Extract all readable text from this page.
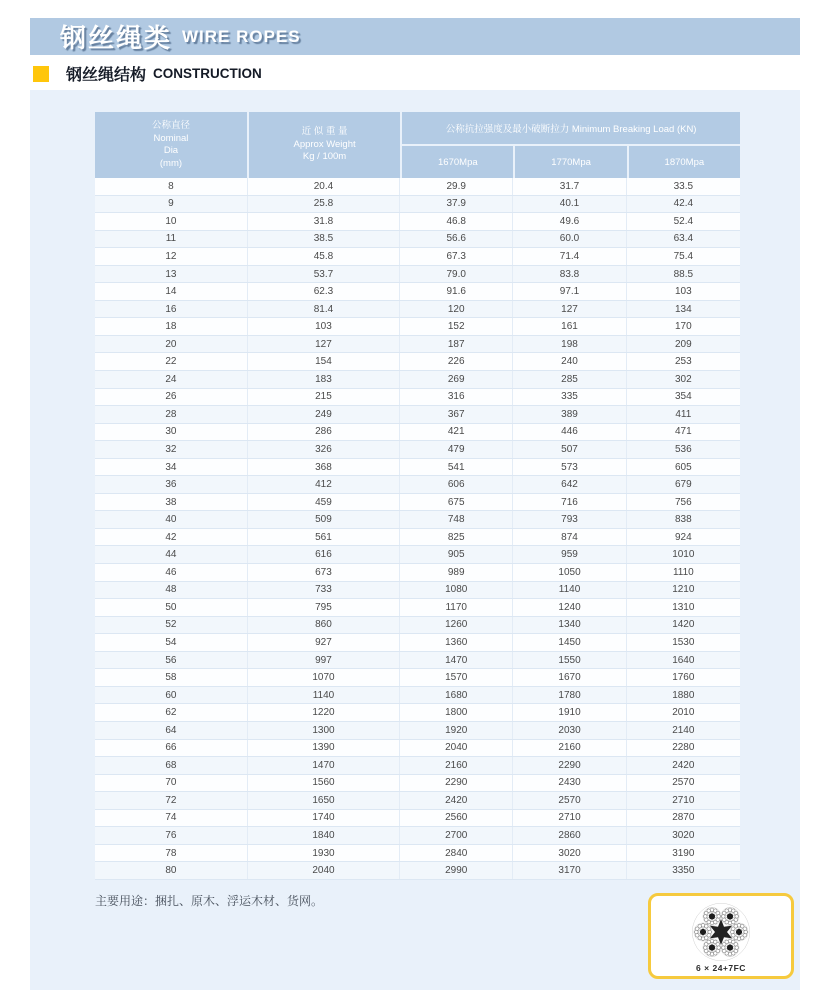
钢丝绳类 WIRE ROPES
钢丝绳结构 CONSTRUCTION
公称直径
Nominal
Dia
(mm)
近 似 重 量
Approx Weight
Kg / 100m
公称抗拉强度及最小破断拉力 Minimum Breaking Load (KN)
1670Mpa	1770Mpa	1870Mpa
8	20.4	29.9	31.7	33.5
9	25.8	37.9	40.1	42.4
10	31.8	46.8	49.6	52.4
11	38.5	56.6	60.0	63.4
12	45.8	67.3	71.4	75.4
13	53.7	79.0	83.8	88.5
14	62.3	91.6	97.1	103
16	81.4	120	127	134
18	103	152	161	170
20	127	187	198	209
22	154	226	240	253
24	183	269	285	302
26	215	316	335	354
28	249	367	389	411
30	286	421	446	471
32	326	479	507	536
34	368	541	573	605
36	412	606	642	679
38	459	675	716	756
40	509	748	793	838
42	561	825	874	924
44	616	905	959	1010
46	673	989	1050	1110
48	733	1080	1140	1210
50	795	1170	1240	1310
52	860	1260	1340	1420
54	927	1360	1450	1530
56	997	1470	1550	1640
58	1070	1570	1670	1760
60	1140	1680	1780	1880
62	1220	1800	1910	2010
64	1300	1920	2030	2140
66	1390	2040	2160	2280
68	1470	2160	2290	2420
70	1560	2290	2430	2570
72	1650	2420	2570	2710
74	1740	2560	2710	2870
76	1840	2700	2860	3020
78	1930	2840	3020	3190
80	2040	2990	3170	3350
主要用途：捆扎、原木、浮运木材、货网。
6 × 24+7FC
